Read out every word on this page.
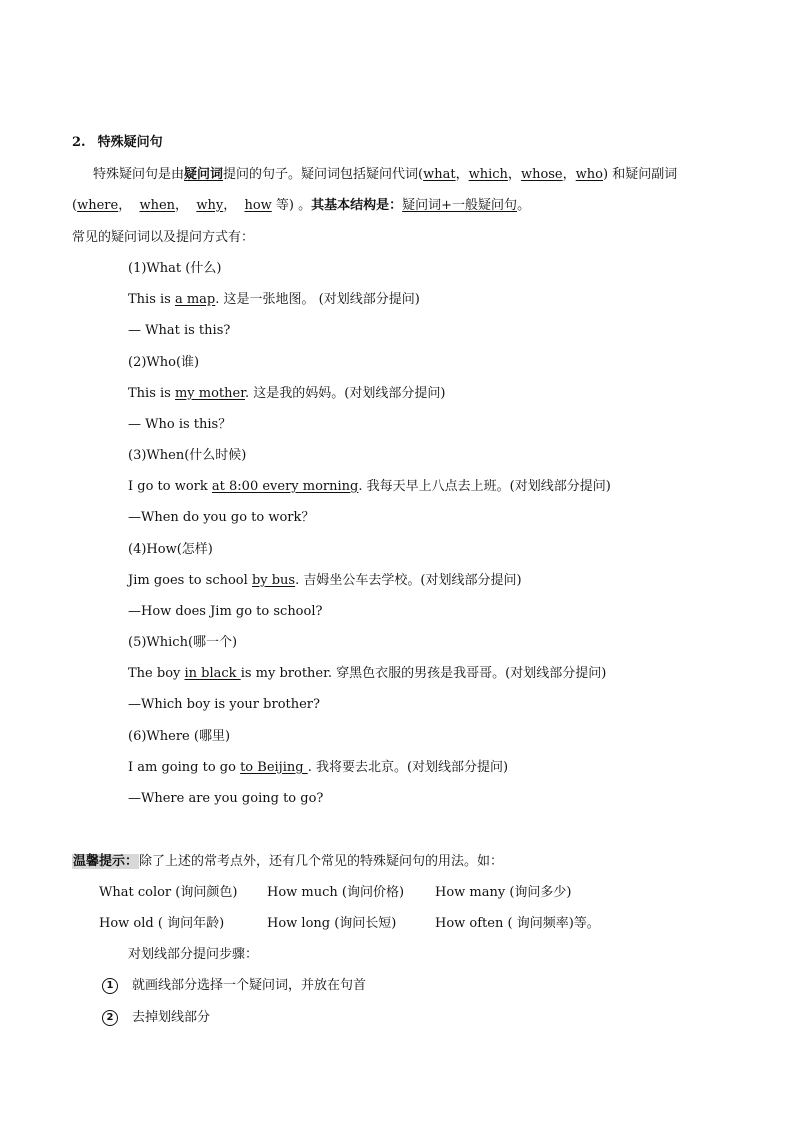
2. 特殊疑问句
特殊疑问句是由疑问词提问的句子。疑问词包括疑问代词(what，which，whose，who) 和疑问副词
(where， when， why， how 等) 。其基本结构是：疑问词+一般疑问句。
常见的疑问词以及提问方式有：
(1)What (什么)
This is a map. 这是一张地图。 (对划线部分提问)
— What is this?
(2)Who(谁)
This is my mother. 这是我的妈妈。(对划线部分提问)
— Who is this？
(3)When(什么时候)
I go to work at 8:00 every morning. 我每天早上八点去上班。(对划线部分提问)
—When do you go to work？
(4)How(怎样)
Jim goes to school by bus. 吉姆坐公车去学校。(对划线部分提问)
—How does Jim go to school?
(5)Which(哪一个)
The boy in black is my brother. 穿黑色衣服的男孩是我哥哥。(对划线部分提问)
—Which boy is your brother?
(6)Where (哪里)
I am going to go to Beijing . 我将要去北京。(对划线部分提问)
—Where are you going to go?
温馨提示：除了上述的常考点外，还有几个常见的特殊疑问句的用法。如：
What color (询问颜色) How much (询问价格) How many (询问多少)
How old ( 询问年龄)	How long (询问长短)	How often ( 询问频率)等。
对划线部分提问步骤：
1 就画线部分选择一个疑问词，并放在句首
2 去掉划线部分
